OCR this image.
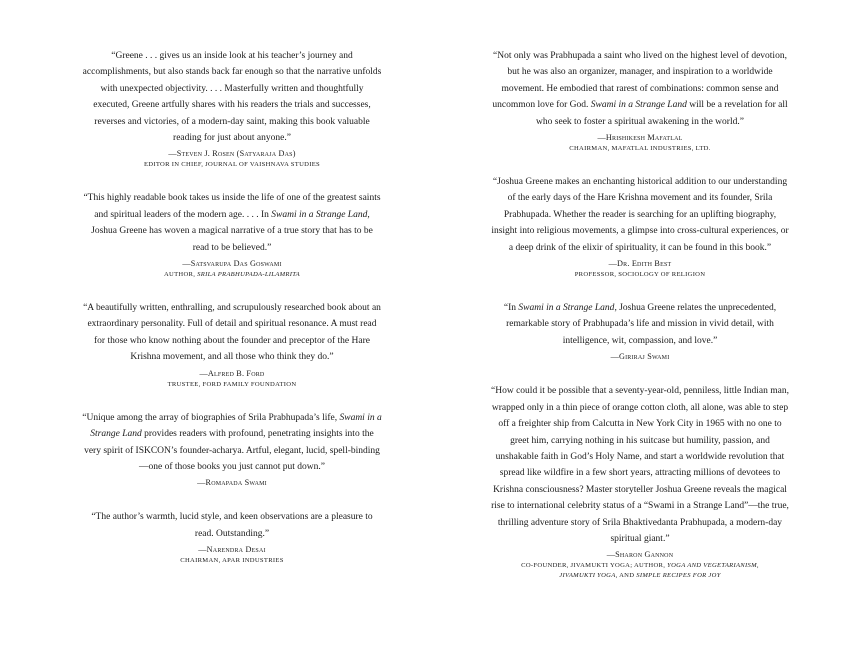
“Greene . . . gives us an inside look at his teacher’s journey and accomplishments, but also stands back far enough so that the narrative unfolds with unexpected objectivity. . . . Masterfully written and thoughtfully executed, Greene artfully shares with his readers the trials and successes, reverses and victories, of a modern-day saint, making this book valuable reading for just about anyone.”

—Steven J. Rosen (Satyaraja Das)

EDITOR IN CHIEF, JOURNAL OF VAISHNAVA STUDIES

“This highly readable book takes us inside the life of one of the greatest saints and spiritual leaders of the modern age. . . . In Swami in a Strange Land, Joshua Greene has woven a magical narrative of a true story that has to be read to be believed.”

—Satsvarupa Das Goswami

AUTHOR, SRILA PRABHUPADA-LILAMRITA

“A beautifully written, enthralling, and scrupulously researched book about an extraordinary personality. Full of detail and spiritual resonance. A must read for those who know nothing about the founder and preceptor of the Hare Krishna movement, and all those who think they do.”

—Alfred B. Ford

TRUSTEE, FORD FAMILY FOUNDATION

“Unique among the array of biographies of Srila Prabhupada’s life, Swami in a Strange Land provides readers with profound, penetrating insights into the very spirit of ISKCON’s founder-acharya. Artful, elegant, lucid, spell-binding—one of those books you just cannot put down.”

—Romapada Swami

“The author’s warmth, lucid style, and keen observations are a pleasure to read. Outstanding.”

—Narendra Desai

CHAIRMAN, APAR INDUSTRIES

“Not only was Prabhupada a saint who lived on the highest level of devotion, but he was also an organizer, manager, and inspiration to a worldwide movement. He embodied that rarest of combinations: common sense and uncommon love for God. Swami in a Strange Land will be a revelation for all who seek to foster a spiritual awakening in the world.”

—Hrishikesh Mafatlal

CHAIRMAN, MAFATLAL INDUSTRIES, LTD.

“Joshua Greene makes an enchanting historical addition to our understanding of the early days of the Hare Krishna movement and its founder, Srila Prabhupada. Whether the reader is searching for an uplifting biography, insight into religious movements, a glimpse into cross-cultural experiences, or a deep drink of the elixir of spirituality, it can be found in this book.”

—Dr. Edith Best

PROFESSOR, SOCIOLOGY OF RELIGION

“In Swami in a Strange Land, Joshua Greene relates the unprecedented, remarkable story of Prabhupada’s life and mission in vivid detail, with intelligence, wit, compassion, and love.”

—Giriraj Swami

“How could it be possible that a seventy-year-old, penniless, little Indian man, wrapped only in a thin piece of orange cotton cloth, all alone, was able to step off a freighter ship from Calcutta in New York City in 1965 with no one to greet him, carrying nothing in his suitcase but humility, passion, and unshakable faith in God’s Holy Name, and start a worldwide revolution that spread like wildfire in a few short years, attracting millions of devotees to Krishna consciousness? Master storyteller Joshua Greene reveals the magical rise to international celebrity status of a “Swami in a Strange Land”—the true, thrilling adventure story of Srila Bhaktivedanta Prabhupada, a modern-day spiritual giant.”

—Sharon Gannon

CO-FOUNDER, JIVAMUKTI YOGA; AUTHOR, YOGA AND VEGETARIANISM,
JIVAMUKTI YOGA, AND SIMPLE RECIPES FOR JOY
